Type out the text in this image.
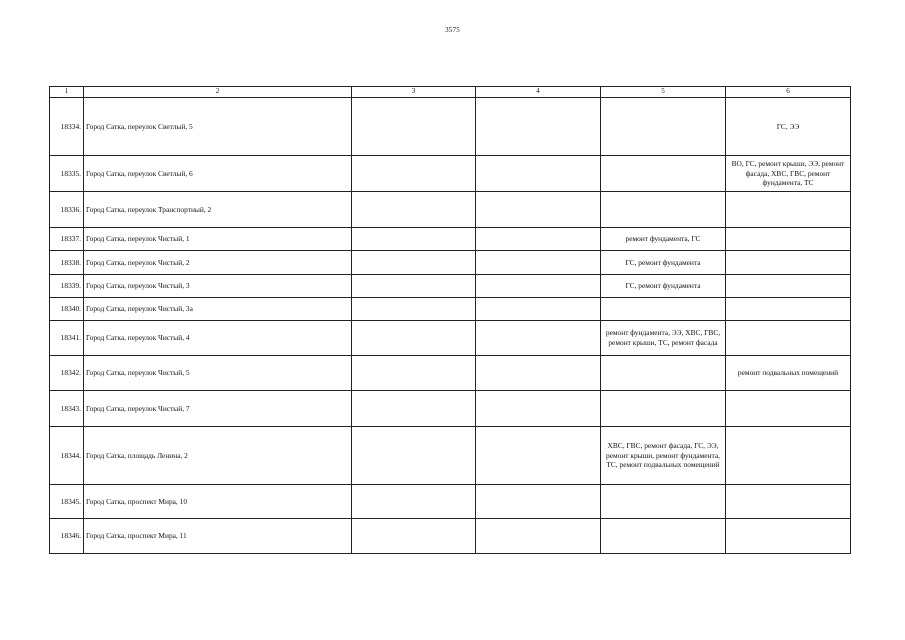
3575
1	2	3	4	5	6
18334.	Город Сатка, переулок Светлый, 5				ГС, ЭЭ
18335.	Город Сатка, переулок Светлый, 6				ВО, ГС, ремонт крыши, ЭЭ, ремонт фасада, ХВС, ГВС, ремонт фундамента, ТС
18336.	Город Сатка, переулок Транспортный, 2				
18337.	Город Сатка, переулок Чистый, 1			ремонт фундамента, ГС	
18338.	Город Сатка, переулок Чистый, 2			ГС, ремонт фундамента	
18339.	Город Сатка, переулок Чистый, 3			ГС, ремонт фундамента	
18340.	Город Сатка, переулок Чистый, 3а				
18341.	Город Сатка, переулок Чистый, 4			ремонт фундамента, ЭЭ, ХВС, ГВС, ремонт крыши, ТС, ремонт фасада	
18342.	Город Сатка, переулок Чистый, 5				ремонт подвальных помещений
18343.	Город Сатка, переулок Чистый, 7				
18344.	Город Сатка, площадь Ленина, 2			ХВС, ГВС, ремонт фасада, ГС, ЭЭ, ремонт крыши, ремонт фундамента, ТС, ремонт подвальных помещений	
18345.	Город Сатка, проспект Мира, 10				
18346.	Город Сатка, проспект Мира, 11				
